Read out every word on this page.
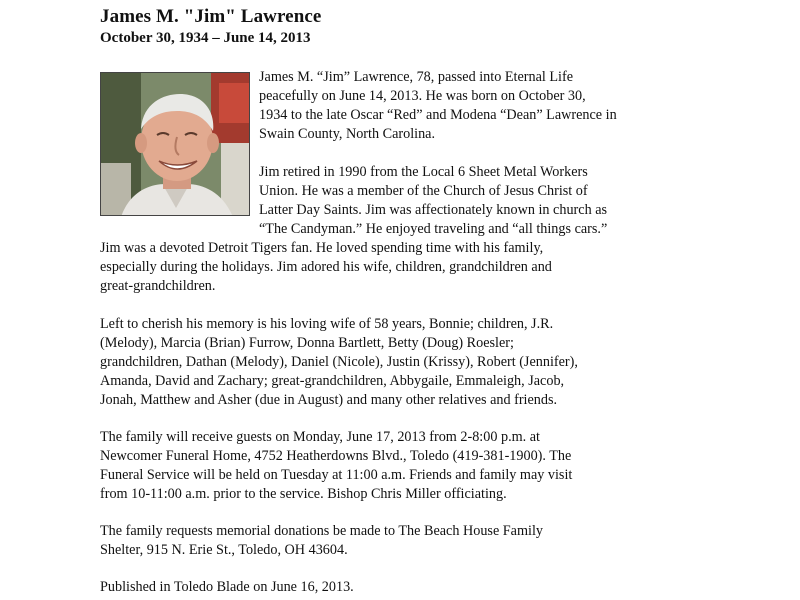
James M. "Jim" Lawrence
October 30, 1934 – June 14, 2013
James M. “Jim” Lawrence, 78, passed into Eternal Life
peacefully on June 14, 2013. He was born on October 30,
1934 to the late Oscar “Red” and Modena “Dean” Lawrence in
Swain County, North Carolina.
Jim retired in 1990 from the Local 6 Sheet Metal Workers
Union. He was a member of the Church of Jesus Christ of
Latter Day Saints. Jim was affectionately known in church as
“The Candyman.” He enjoyed traveling and “all things cars.”
Jim was a devoted Detroit Tigers fan. He loved spending time with his family,
especially during the holidays. Jim adored his wife, children, grandchildren and
great-grandchildren.
Left to cherish his memory is his loving wife of 58 years, Bonnie; children, J.R.
(Melody), Marcia (Brian) Furrow, Donna Bartlett, Betty (Doug) Roesler;
grandchildren, Dathan (Melody), Daniel (Nicole), Justin (Krissy), Robert (Jennifer),
Amanda, David and Zachary; great-grandchildren, Abbygaile, Emmaleigh, Jacob,
Jonah, Matthew and Asher (due in August) and many other relatives and friends.
The family will receive guests on Monday, June 17, 2013 from 2-8:00 p.m. at
Newcomer Funeral Home, 4752 Heatherdowns Blvd., Toledo (419-381-1900). The
Funeral Service will be held on Tuesday at 11:00 a.m. Friends and family may visit
from 10-11:00 a.m. prior to the service. Bishop Chris Miller officiating.
The family requests memorial donations be made to The Beach House Family
Shelter, 915 N. Erie St., Toledo, OH 43604.
Published in Toledo Blade on June 16, 2013.
